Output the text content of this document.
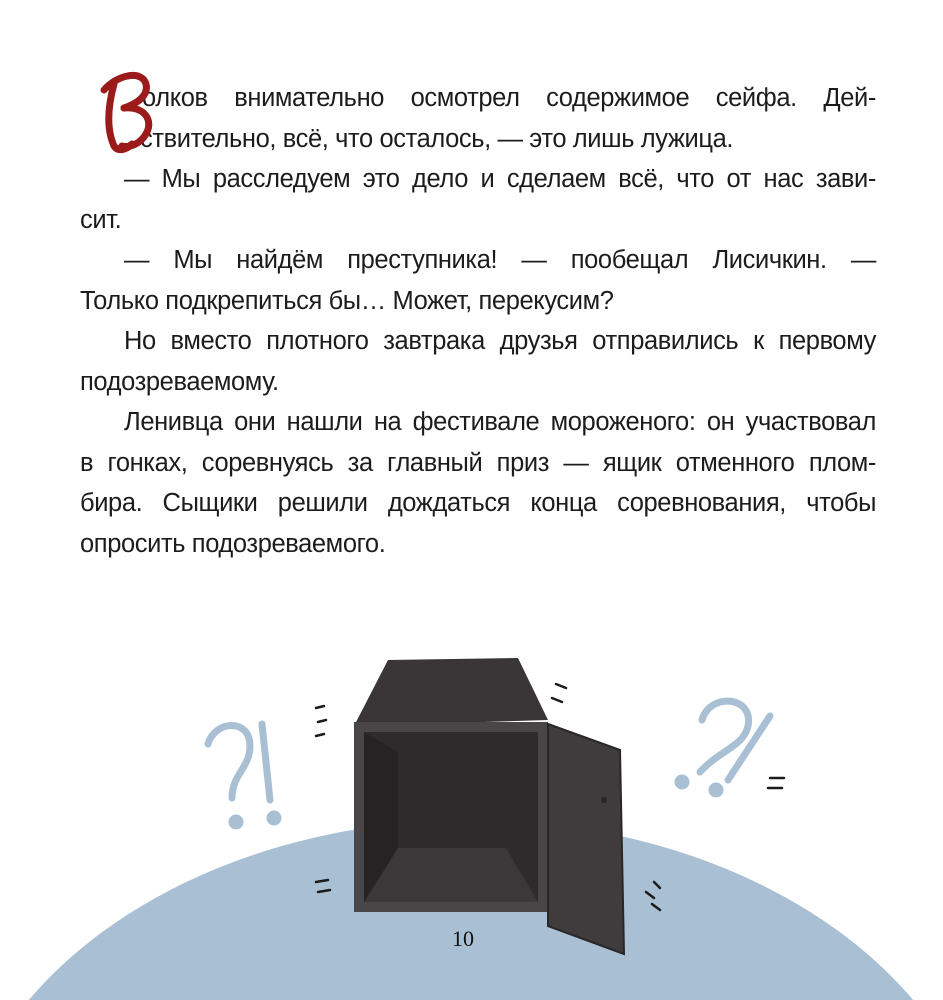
олков внимательно осмотрел содержимое сейфа. Дей-
ствительно, всё, что осталось, — это лишь лужица.
— Мы расследуем это дело и сделаем всё, что от нас зави-
сит.
— Мы найдём преступника! — пообещал Лисичкин. —
Только подкрепиться бы… Может, перекусим?
Но вместо плотного завтрака друзья отправились к первому
подозреваемому.
Ленивца они нашли на фестивале мороженого: он участвовал
в гонках, соревнуясь за главный приз — ящик отменного плом-
бира. Сыщики решили дождаться конца соревнования, чтобы
опросить подозреваемого.
10
